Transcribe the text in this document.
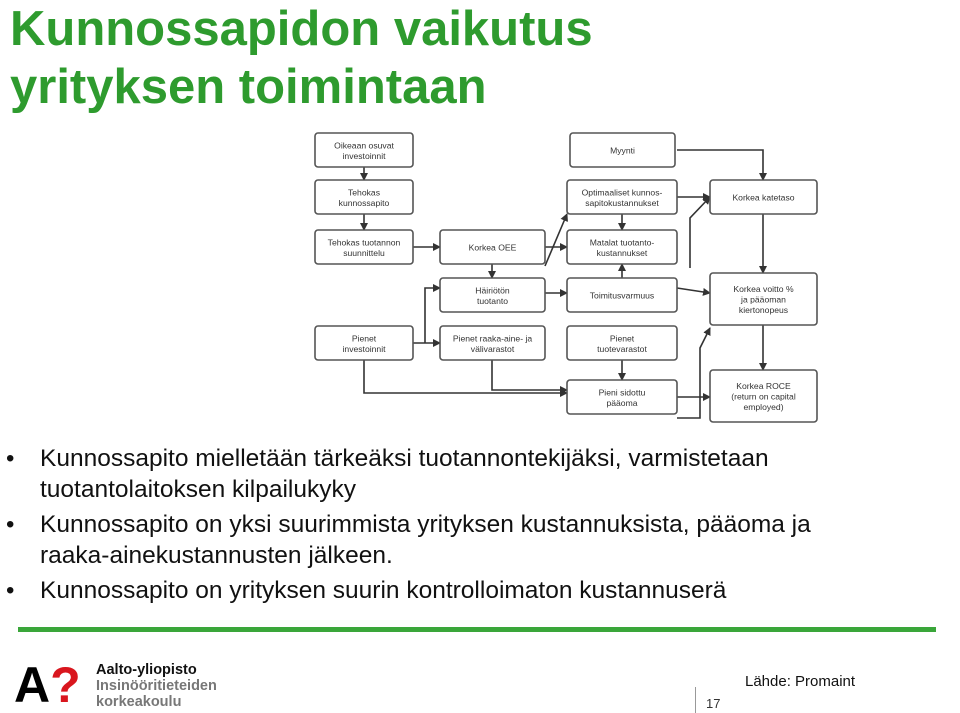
Kunnossapidon vaikutus
yrityksen toimintaan
Oikeaan osuvat
investoinnit
Myynti
Tehokas
kunnossapito
Optimaaliset kunnos-
sapitokustannukset
Korkea katetaso
Tehokas tuotannon
suunnittelu
Korkea OEE
Matalat tuotanto-
kustannukset
Häiriötön
tuotanto
Toimitusvarmuus
Korkea voitto %
ja pääoman
kiertonopeus
Pienet
investoinnit
Pienet raaka-aine- ja
välivarastot
Pienet
tuotevarastot
Pieni sidottu
pääoma
Korkea ROCE
(return on capital
employed)
• Kunnossapito mielletään tärkeäksi tuotannontekijäksi, varmistetaan
tuotantolaitoksen kilpailukyky
• Kunnossapito on yksi suurimmista yrityksen kustannuksista, pääoma ja
raaka-ainekustannusten jälkeen.
• Kunnossapito on yrityksen suurin kontrolloimaton kustannuserä
A? Aalto-yliopisto
Insinööritieteiden
korkeakoulu	17
Lähde: Promaint
